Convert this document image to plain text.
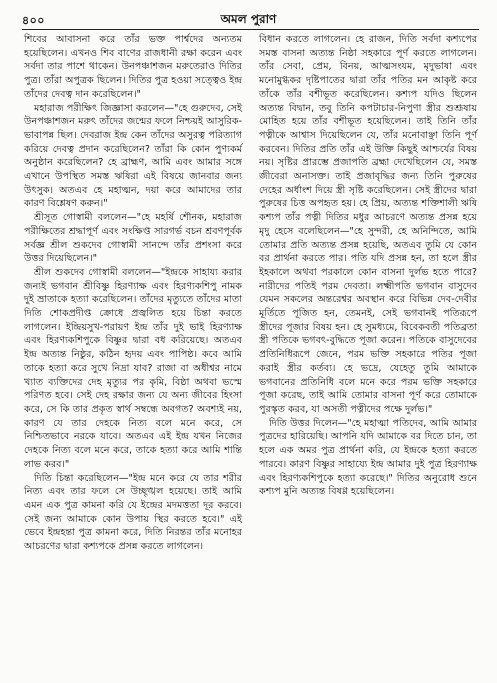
৪০০	অমল পুরাণ

শিবের আবাসনা করে তাঁর ভক্ত পার্শ্বদের অন্যতম হয়েছিলেন। এখনও শিব বাণের রাজধানী রক্ষা করেন এবং সর্বদা তার পাশে থাকেন। উনপঞ্চাশজন মরুতেরাও দিতির পুত্র। তাঁরা অপুত্রক ছিলেন। দিতির পুত্র হওয়া সত্ত্বেও ইন্দ্র তাঁদের দেবত্ব দান করেছিলেন।"

মহারাজ পরীক্ষিৎ জিজ্ঞাসা করলেন—"হে গুরুদেব, সেই উনপঞ্চাশজন মরুৎ তাঁদের জন্মের ফলে নিশ্চয়ই আসুরিক-ভাবাপন্ন ছিল। দেবরাজ ইন্দ্র কেন তাঁদের অসুরত্ব পরিত্যাগ করিয়ে দেবত্ব প্রদান করেছিলেন? তাঁরা কি কোন পুণ্যকর্ম অনুষ্ঠান করেছিলেন? হে ব্রাহ্মণ, আমি এবং আমার সঙ্গে এখানে উপস্থিত সমস্ত ঋষিরা এই বিষয়ে জানবার জন্য উৎসুক। অতএব হে মহাত্মন, দয়া করে আমাদের তার কারণ বিশ্লেষণ করুন।"

শ্রীসূত গোস্বামী বললেন—"হে মহর্ষি শৌনক, মহারাজ পরীক্ষিতের শ্রদ্ধাপূর্ণ এবং সংক্ষিপ্ত সারগর্ভ বচন শ্রবণপূর্বক সর্বজ্ঞ শ্রীল শুকদেব গোস্বামী সানন্দে তাঁর প্রশংসা করে উত্তর দিয়েছিলেন।"

শ্রীল শুকদেব গোস্বামী বললেন—"ইন্দ্রকে সাহায্য করার জন্যই ভগবান শ্রীবিষ্ণু হিরণ্যাক্ষ এবং হিরণ্যকশিপু নামক দুই ভ্রাতাকে হত্যা করেছিলেন। তাঁদের মৃত্যুতে তাঁদের মাতা দিতি শোকপ্রদীপ্ত ক্রোধে প্রজ্বলিত হয়ে চিন্তা করতে লাগলেন। ইন্দ্রিয়সুখ-পরায়ণ ইন্দ্র তাঁর দুই ভাই হিরণ্যাক্ষ এবং হিরণ্যকশিপুকে বিষ্ণুর দ্বারা বধ করিয়েছে। অতএব ইন্দ্র অত্যন্ত নিষ্ঠুর, কঠিন হৃদয় এবং পাপিষ্ঠ। কবে আমি তাকে হত্যা করে সুখে নিদ্রা যাব? রাজা বা অধীশ্বর নামে খ্যাত ব্যক্তিদের দেহ মৃত্যুর পর কৃমি, বিষ্ঠা অথবা ভস্মে পরিণত হবে। সেই দেহ রক্ষার জন্য যে অন্য জীবের হিংসা করে, সে কি তার প্রকৃত স্বার্থ সম্বন্ধে অবগত? অবশ্যই নয়, কারণ যে তার দেহকে নিত্য বলে মনে করে, সে নিশ্চিতভাবে নরকে যাবে। অতএব এই ইন্দ্র যখন নিজের দেহকে নিত্য বলে মনে করে, তাকে হত্যা করে আমি শান্তি লাভ করব।"

দিতি চিন্তা করেছিলেন—"ইন্দ্র মনে করে যে তার শরীর নিত্য এবং তার ফলে সে উচ্ছৃঙ্খল হয়েছে। তাই আমি এমন এক পুত্র কামনা করি যে ইন্দ্রের মদমত্ততা দূর করবে। সেই জন্য আমাকে কোন উপায় স্থির করতে হবে।" এই ভেবে ইন্দ্রহন্তা পুত্র কামনা করে, দিতি নিরন্তর তাঁর মনোহর আচরণের দ্বারা কশ্যপকে প্রসন্ন করতে লাগলেন।

বিধান করতে লাগলেন। হে রাজন, দিতি সর্বদা কশ্যপের সমস্ত বাসনা অত্যন্ত নিষ্ঠা সহকারে পূর্ণ করতে লাগলেন। তাঁর সেবা, প্রেম, বিনয়, আত্মসংযম, মৃদুভাষা এবং মনোমুগ্ধকর দৃষ্টিপাতের দ্বারা তাঁর পতির মন আকৃষ্ট করে তাঁকে তাঁর বশীভূত করেছিলেন। কশ্যপ যদিও ছিলেন অত্যন্ত বিদ্বান, তবু তিনি কপটাচার-নিপুণা স্ত্রীর শুশ্রূষায় মোহিত হয়ে তাঁর বশীভূত হয়েছিলেন। তাই তিনি তাঁর পত্নীকে আশ্বাস দিয়েছিলেন যে, তাঁর মনোবাঞ্ছা তিনি পূর্ণ করবেন। দিতির প্রতি তাঁর এই উক্তি কিছুই আশ্চর্যের বিষয় নয়। সৃষ্টির প্রারম্ভে প্রজাপতি ব্রহ্মা দেখেছিলেন যে, সমস্ত জীবেরা অনাসক্ত। তাই প্রজাবৃদ্ধির জন্য তিনি পুরুষের দেহের অর্ধাংশ দিয়ে স্ত্রী সৃষ্টি করেছিলেন। সেই স্ত্রীদের দ্বারা পুরুষের চিত্ত অপহৃত হয়। হে প্রিয়, অত্যন্ত শক্তিশালী ঋষি কশ্যপ তাঁর পত্নী দিতির মধুর আচরণে অত্যন্ত প্রসন্ন হয়ে মৃদু হেসে বলেছিলেন—"হে সুন্দরী, হে অনিন্দিতে, আমি তোমার প্রতি অত্যন্ত প্রসন্ন হয়েছি, অতএব তুমি যে কোন বর প্রার্থনা করতে পার। পতি যদি প্রসন্ন হন, তা হলে স্ত্রীর ইহকালে অথবা পরকালে কোন বাসনা দুর্লভ হতে পারে? নারীদের পতিই পরম দেবতা। লক্ষ্মীপতি ভগবান বাসুদেব যেমন সকলের অন্তরেশ্বর অবস্থান করে বিভিন্ন দেব-দেবীর মূর্তিতে পূজিত হন, তেমনই, সেই ভগবানই পতিরূপে স্ত্রীদের পূজার বিষয় হন। হে সুমধ্যমে, বিবেকবতী পতিব্রতা স্ত্রী পতিকে ভগবৎ-বুদ্ধিতে পূজা করেন। পতিকে বাসুদেবের প্রতিনিধিরূপে জেনে, পরম ভক্তি সহকারে পতির পূজা করাই স্ত্রীর কর্তব্য। হে ভদ্রে, যেহেতু তুমি আমাকে ভগবানের প্রতিনিধি বলে মনে করে পরম ভক্তি সহকারে পূজা করেছ, তাই আমি তোমার বাসনা পূর্ণ করে তোমাকে পুরস্কৃত করব, যা অসতী পত্নীদের পক্ষে দুর্লভ।"

দিতি উত্তর দিলেন—"হে মহাত্মা পতিদেব, আমি আমার পুত্রদের হারিয়েছি। আপনি যদি আমাকে বর দিতে চান, তা হলে এক অমর পুত্র প্রার্থনা করি, যে ইন্দ্রকে হত্যা করতে পারবে। কারণ বিষ্ণুর সাহায্যে ইন্দ্র আমার দুই পুত্র হিরণ্যাক্ষ এবং হিরণ্যকশিপুকে হত্যা করেছে।" দিতির অনুরোধ শুনে কশ্যপ মুনি অত্যন্ত বিষণ্ণ হয়েছিলেন।
